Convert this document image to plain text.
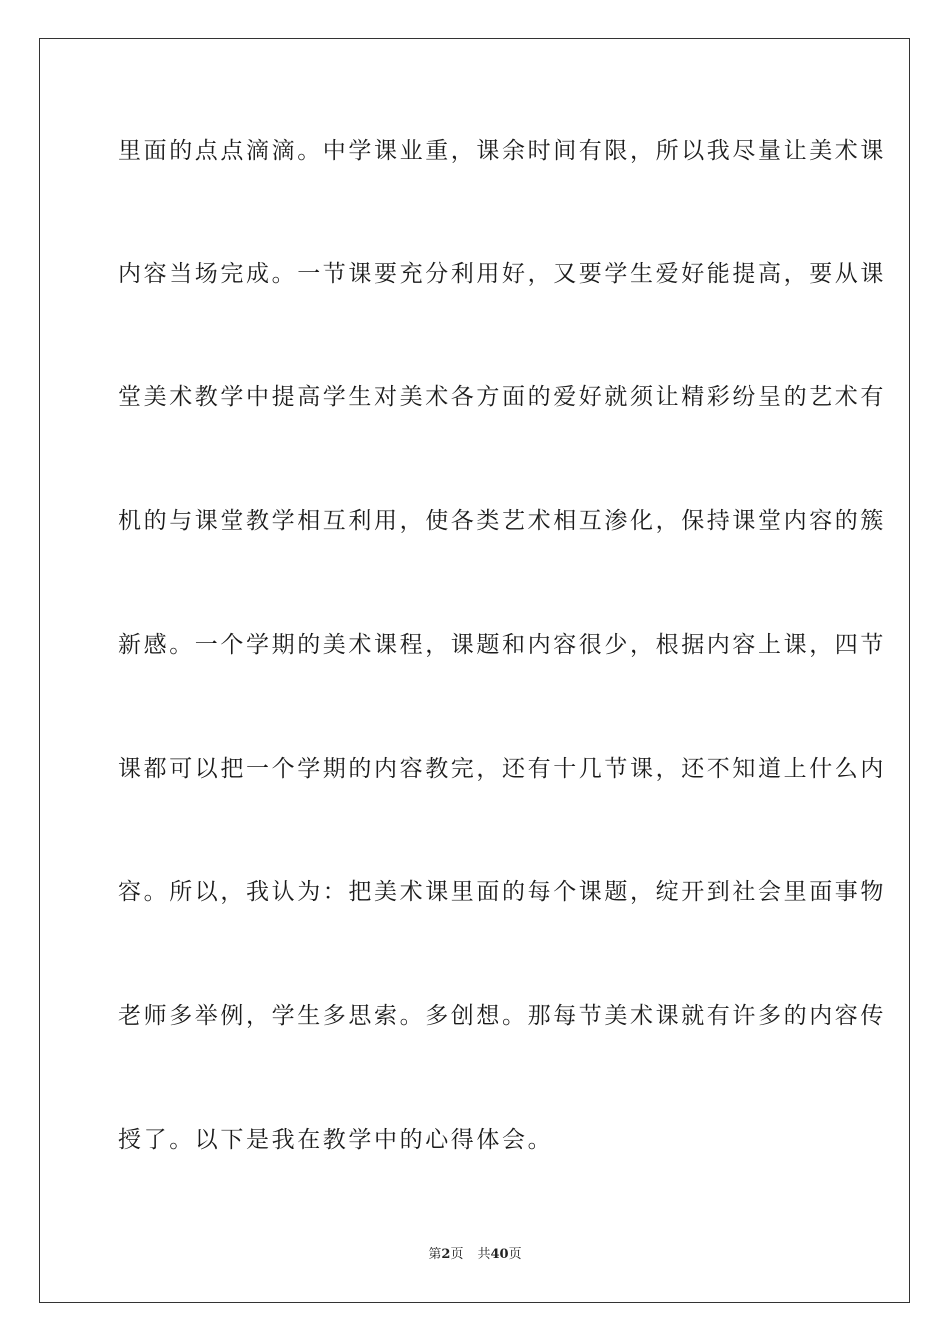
里面的点点滴滴。中学课业重，课余时间有限，所以我尽量让美术课
内容当场完成。一节课要充分利用好，又要学生爱好能提高，要从课
堂美术教学中提高学生对美术各方面的爱好就须让精彩纷呈的艺术有
机的与课堂教学相互利用，使各类艺术相互渗化，保持课堂内容的簇
新感。一个学期的美术课程，课题和内容很少，根据内容上课，四节
课都可以把一个学期的内容教完，还有十几节课，还不知道上什么内
容。所以，我认为：把美术课里面的每个课题，绽开到社会里面事物
老师多举例，学生多思索。多创想。那每节美术课就有许多的内容传
授了。以下是我在教学中的心得体会。
第2页 共40页
